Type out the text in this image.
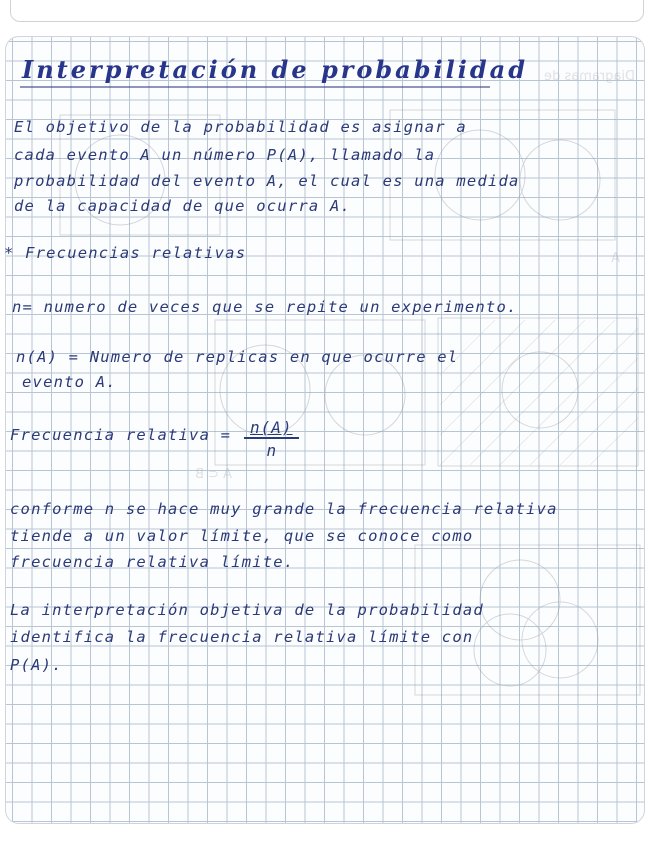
Diagramas de
A
A ⊂ B
Interpretación de probabilidad

El objetivo de la probabilidad es asignar a

cada evento A un número P(A), llamado la

probabilidad del evento A, el cual es una medida

de la capacidad de que ocurra A.

* Frecuencias relativas

n= numero de veces que se repite un experimento.

n(A) = Numero de replicas en que ocurre el

evento A.

Frecuencia relativa = $\frac{n(A)}{n}$

conforme n se hace muy grande la frecuencia relativa

tiende a un valor límite, que se conoce como

frecuencia relativa límite.

La interpretación objetiva de la probabilidad

identifica la frecuencia relativa límite con

P(A).
